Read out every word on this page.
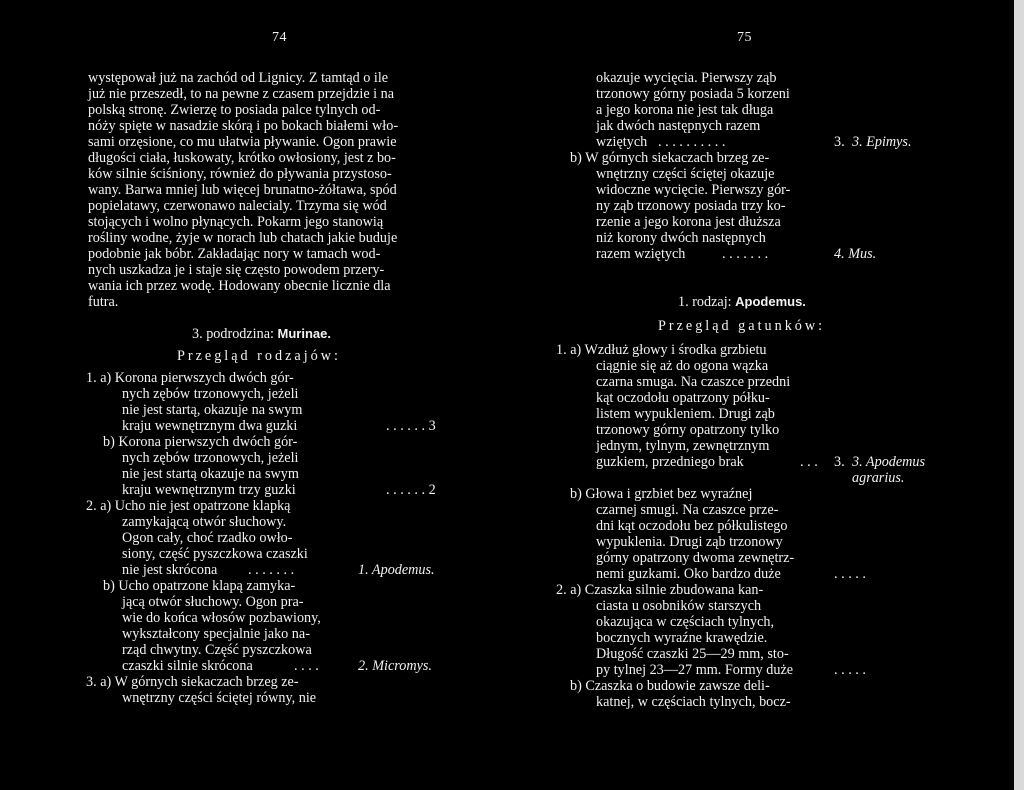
74
występował już na zachód od Lignicy. Z tamtąd o ile
już nie przeszedł, to na pewne z czasem przejdzie i na
polską stronę. Zwierzę to posiada palce tylnych od-
nóży spięte w nasadzie skórą i po bokach białemi wło-
sami orzęsione, co mu ułatwia pływanie. Ogon prawie
długości ciała, łuskowaty, krótko owłosiony, jest z bo-
ków silnie ściśniony, również do pływania przystoso-
wany. Barwa mniej lub więcej brunatno-żółtawa, spód
popielatawy, czerwonawo nalecialy. Trzyma się wód
stojących i wolno płynących. Pokarm jego stanowią
rośliny wodne, żyje w norach lub chatach jakie buduje
podobnie jak bóbr. Zakładając nory w tamach wod-
nych uszkadza je i staje się często powodem przery-
wania ich przez wodę. Hodowany obecnie licznie dla
futra.
3. podrodzina: Murinae.
Przegląd rodzajów:
1. a) Korona pierwszych dwóch gór-
nych zębów trzonowych, jeżeli
nie jest startą, okazuje na swym
kraju wewnętrznym dwa guzki	. . . . . . 3
b) Korona pierwszych dwóch gór-
nych zębów trzonowych, jeżeli
nie jest startą okazuje na swym
kraju wewnętrznym trzy guzki	. . . . . . 2
2. a) Ucho nie jest opatrzone klapką
zamykającą otwór słuchowy.
Ogon cały, choć rzadko owło-
siony, część pyszczkowa czaszki
nie jest skrócona . . . . . . .	1. Apodemus.
b) Ucho opatrzone klapą zamyka-
jącą otwór słuchowy. Ogon pra-
wie do końca włosów pozbawiony,
wykształcony specjalnie jako na-
rząd chwytny. Część pyszczkowa
czaszki silnie skrócona	. . . .	2. Micromys.
3. a) W górnych siekaczach brzeg ze-
wnętrzny części ściętej równy, nie
75
okazuje wycięcia. Pierwszy ząb
trzonowy górny posiada 5 korzeni
a jego korona nie jest tak długa
jak dwóch następnych razem
wziętych . . . . . . . . . .	3. 3. Epimys.
b) W górnych siekaczach brzeg ze-
wnętrzny części ściętej okazuje
widoczne wycięcie. Pierwszy gór-
ny ząb trzonowy posiada trzy ko-
rzenie a jego korona jest dłuższa
niż korony dwóch następnych
razem wziętych	. . . . . . .	4. Mus.
1. rodzaj: Apodemus.
Przegląd gatunków:
1. a) Wzdłuż głowy i środka grzbietu
ciągnie się aż do ogona wązka
czarna smuga. Na czaszce przedni
kąt oczodołu opatrzony półku-
listem wypukleniem. Drugi ząb
trzonowy górny opatrzony tylko
jednym, tylnym, zewnętrznym
guzkiem, przedniego brak	. . . 3. 3. Apodemus
agrarius.
b) Głowa i grzbiet bez wyraźnej
czarnej smugi. Na czaszce prze-
dni kąt oczodołu bez półkulistego
wypuklenia. Drugi ząb trzonowy
górny opatrzony dwoma zewnętrz-
nemi guzkami. Oko bardzo duże	. . . . .
2. a) Czaszka silnie zbudowana kan-
ciasta u osobników starszych
okazująca w częściach tylnych,
bocznych wyraźne krawędzie.
Długość czaszki 25—29 mm, sto-
py tylnej 23—27 mm. Formy duże	. . . . .
b) Czaszka o budowie zawsze deli-
katnej, w częściach tylnych, bocz-
